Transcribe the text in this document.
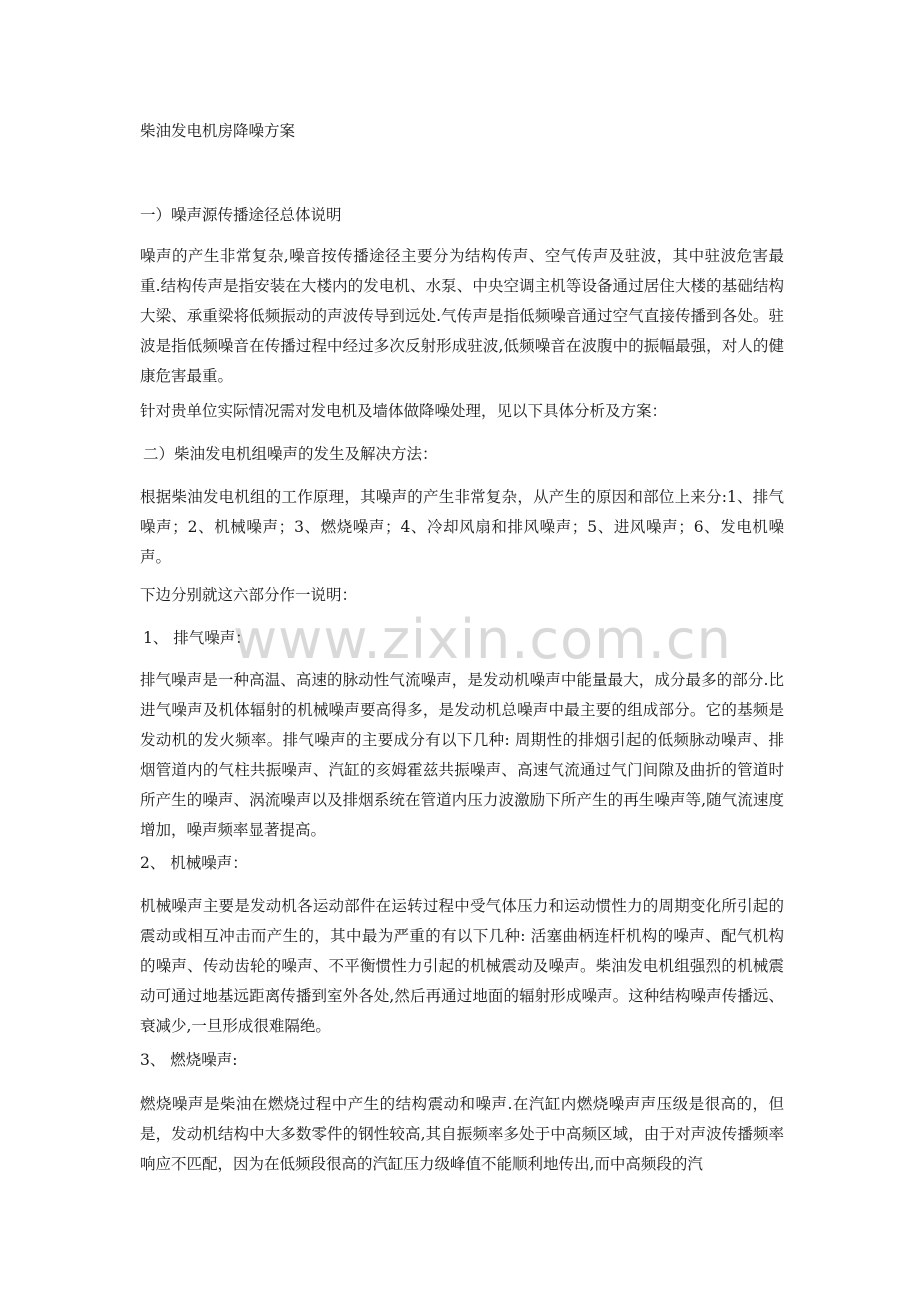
www.zixin.com.cn

柴油发电机房降噪方案

一）噪声源传播途径总体说明

噪声的产生非常复杂,噪音按传播途径主要分为结构传声、空气传声及驻波，其中驻波危害最重.结构传声是指安装在大楼内的发电机、水泵、中央空调主机等设备通过居住大楼的基础结构大梁、承重梁将低频振动的声波传导到远处.气传声是指低频噪音通过空气直接传播到各处。驻波是指低频噪音在传播过程中经过多次反射形成驻波,低频噪音在波腹中的振幅最强，对人的健康危害最重。

针对贵单位实际情况需对发电机及墙体做降噪处理，见以下具体分析及方案：

二）柴油发电机组噪声的发生及解决方法：

根据柴油发电机组的工作原理，其噪声的产生非常复杂，从产生的原因和部位上来分:1、排气噪声；2、机械噪声；3、燃烧噪声；4、冷却风扇和排风噪声；5、进风噪声；6、发电机噪声。

下边分别就这六部分作一说明：

1、 排气噪声：

排气噪声是一种高温、高速的脉动性气流噪声，是发动机噪声中能量最大，成分最多的部分.比进气噪声及机体辐射的机械噪声要高得多，是发动机总噪声中最主要的组成部分。它的基频是发动机的发火频率。排气噪声的主要成分有以下几种: 周期性的排烟引起的低频脉动噪声、排烟管道内的气柱共振噪声、汽缸的亥姆霍兹共振噪声、高速气流通过气门间隙及曲折的管道时所产生的噪声、涡流噪声以及排烟系统在管道内压力波激励下所产生的再生噪声等,随气流速度增加，噪声频率显著提高。

2、 机械噪声：

机械噪声主要是发动机各运动部件在运转过程中受气体压力和运动惯性力的周期变化所引起的震动或相互冲击而产生的，其中最为严重的有以下几种: 活塞曲柄连杆机构的噪声、配气机构的噪声、传动齿轮的噪声、不平衡惯性力引起的机械震动及噪声。柴油发电机组强烈的机械震动可通过地基远距离传播到室外各处,然后再通过地面的辐射形成噪声。这种结构噪声传播远、衰减少,一旦形成很难隔绝。

3、 燃烧噪声:

燃烧噪声是柴油在燃烧过程中产生的结构震动和噪声.在汽缸内燃烧噪声声压级是很高的，但是，发动机结构中大多数零件的钢性较高,其自振频率多处于中高频区域，由于对声波传播频率响应不匹配，因为在低频段很高的汽缸压力级峰值不能顺利地传出,而中高频段的汽
